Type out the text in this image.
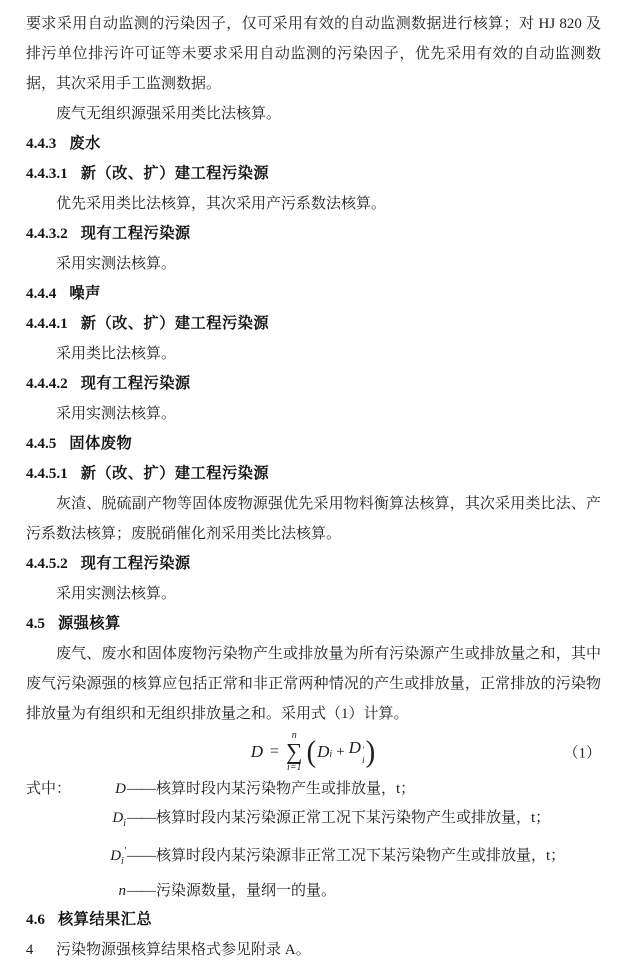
要求采用自动监测的污染因子，仅可采用有效的自动监测数据进行核算；对 HJ 820 及排污单位排污许可证等未要求采用自动监测的污染因子，优先采用有效的自动监测数据，其次采用手工监测数据。

废气无组织源强采用类比法核算。

4.4.3 废水
4.4.3.1 新（改、扩）建工程污染源

优先采用类比法核算，其次采用产污系数法核算。

4.4.3.2 现有工程污染源

采用实测法核算。

4.4.4 噪声
4.4.4.1 新（改、扩）建工程污染源

采用类比法核算。

4.4.4.2 现有工程污染源

采用实测法核算。

4.4.5 固体废物
4.4.5.1 新（改、扩）建工程污染源

灰渣、脱硫副产物等固体废物源强优先采用物料衡算法核算，其次采用类比法、产污系数法核算；废脱硝催化剂采用类比法核算。

4.4.5.2 现有工程污染源

采用实测法核算。

4.5 源强核算

废气、废水和固体废物污染物产生或排放量为所有污染源产生或排放量之和，其中废气污染源强的核算应包括正常和非正常两种情况的产生或排放量，正常排放的污染物排放量为有组织和无组织排放量之和。采用式（1）计算。

D =
n
∑
i=1 ( D i + D ′
i )	（1）
式中：	D —— 核算时段内某污染物产生或排放量，t；
$D_i$ —— 核算时段内某污染源正常工况下某污染物产生或排放量，t；
$D_i'$ —— 核算时段内某污染源非正常工况下某污染物产生或排放量，t；
n —— 污染源数量，量纲一的量。
4.6 核算结果汇总

污染物源强核算结果格式参见附录 A。

4
